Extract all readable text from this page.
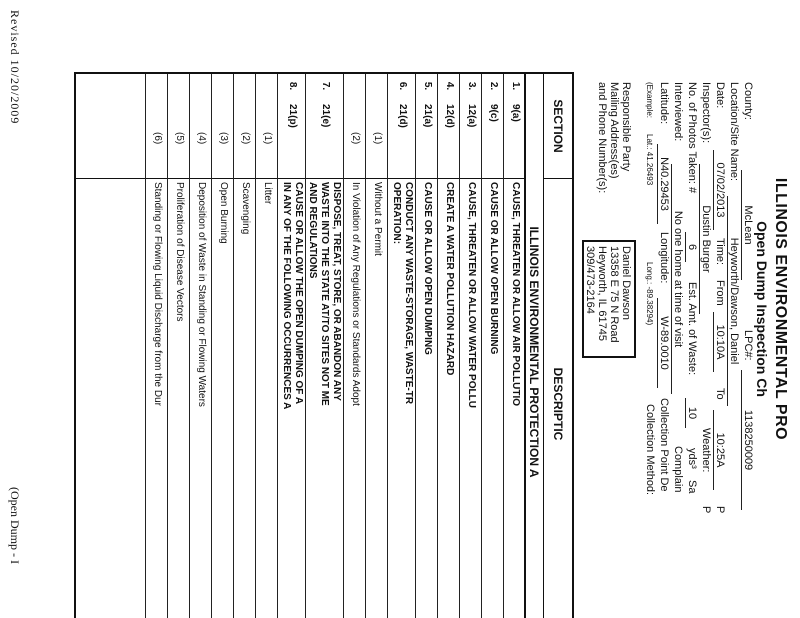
ILLINOIS ENVIRONMENTAL PRO
Open Dump Inspection Ch
County:
McLean
LPC#:
1138250009
Location/Site Name:
Heyworth/Dawson, Daniel
Date:
07/02/2013
Time:
From
10:10A
To
10:25A
P
Inspector(s):
Dustin Burger
Weather:
P
No. of Photos Taken: #
6
Est. Amt. of Waste:
10
yds³
Sa
Interviewed:
No one home at time of visit
Complain
Latitude:
N40.29453
Longitude:
W-89.0010
Collection Point De
(Example:
Lat.: 41.26493
Long.: -89.38294)
Collection Method:
Responsible Party
Mailing Address(es)
and Phone Number(s):
Daniel Dawson
13358 E 75 N Road
Heyworth, IL 61745
309/473-2164
SECTION
DESCRIPTIC
ILLINOIS ENVIRONMENTAL PROTECTION A
1.
9(a)
CAUSE, THREATEN OR ALLOW AIR POLLUTIO
2.
9(c)
CAUSE OR ALLOW OPEN BURNING
3.
12(a)
CAUSE, THREATEN OR ALLOW WATER POLLU
4.
12(d)
CREATE A WATER POLLUTION HAZARD
5.
21(a)
CAUSE OR ALLOW OPEN DUMPING
6.
21(d)
CONDUCT ANY WASTE-STORAGE, WASTE-TR
OPERATION:
(1)
Without a Permit
(2)
In Violation of Any Regulations or Standards Adopt
7.
21(e)
DISPOSE, TREAT, STORE, OR ABANDON ANY
WASTE INTO THE STATE AT/TO SITES NOT ME
AND REGULATIONS
8.
21(p)
CAUSE OR ALLOW THE OPEN DUMPING OF A
IN ANY OF THE FOLLOWING OCCURRENCES A
(1)
Litter
(2)
Scavenging
(3)
Open Burning
(4)
Deposition of Waste in Standing or Flowing Waters
(5)
Proliferation of Disease Vectors
(6)
Standing or Flowing Liquid Discharge from the Dur
Revised 10/20/2009
(Open Dump - I
